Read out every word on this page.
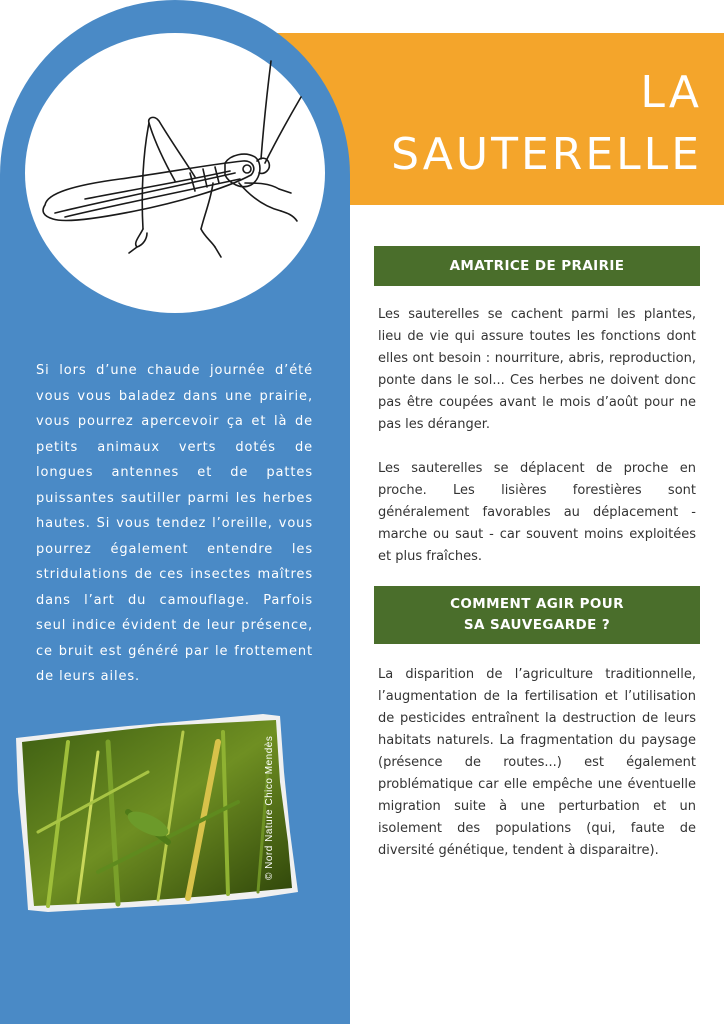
LA
SAUTERELLE

Si lors d’une chaude journée d’été vous vous baladez dans une prairie, vous pourrez apercevoir ça et là de petits animaux verts dotés de longues antennes et de pattes puissantes sautiller parmi les herbes hautes. Si vous tendez l’oreille, vous pourrez également entendre les stridulations de ces insectes maîtres dans l’art du camouflage. Parfois seul indice évident de leur présence, ce bruit est généré par le frottement de leurs ailes.

© Nord Nature Chico Mendès
AMATRICE DE PRAIRIE

Les sauterelles se cachent parmi les plantes, lieu de vie qui assure toutes les fonctions dont elles ont besoin : nourriture, abris, reproduction, ponte dans le sol... Ces herbes ne doivent donc pas être coupées avant le mois d’août pour ne pas les déranger.

Les sauterelles se déplacent de proche en proche. Les lisières forestières sont généralement favorables au déplacement - marche ou saut - car souvent moins exploitées et plus fraîches.

COMMENT AGIR POUR
SA SAUVEGARDE ?

La disparition de l’agriculture traditionnelle, l’augmentation de la fertilisation et l’utilisation de pesticides entraînent la destruction de leurs habitats naturels. La fragmentation du paysage (présence de routes...) est également problématique car elle empêche une éventuelle migration suite à une perturbation et un isolement des populations (qui, faute de diversité génétique, tendent à disparaitre).
